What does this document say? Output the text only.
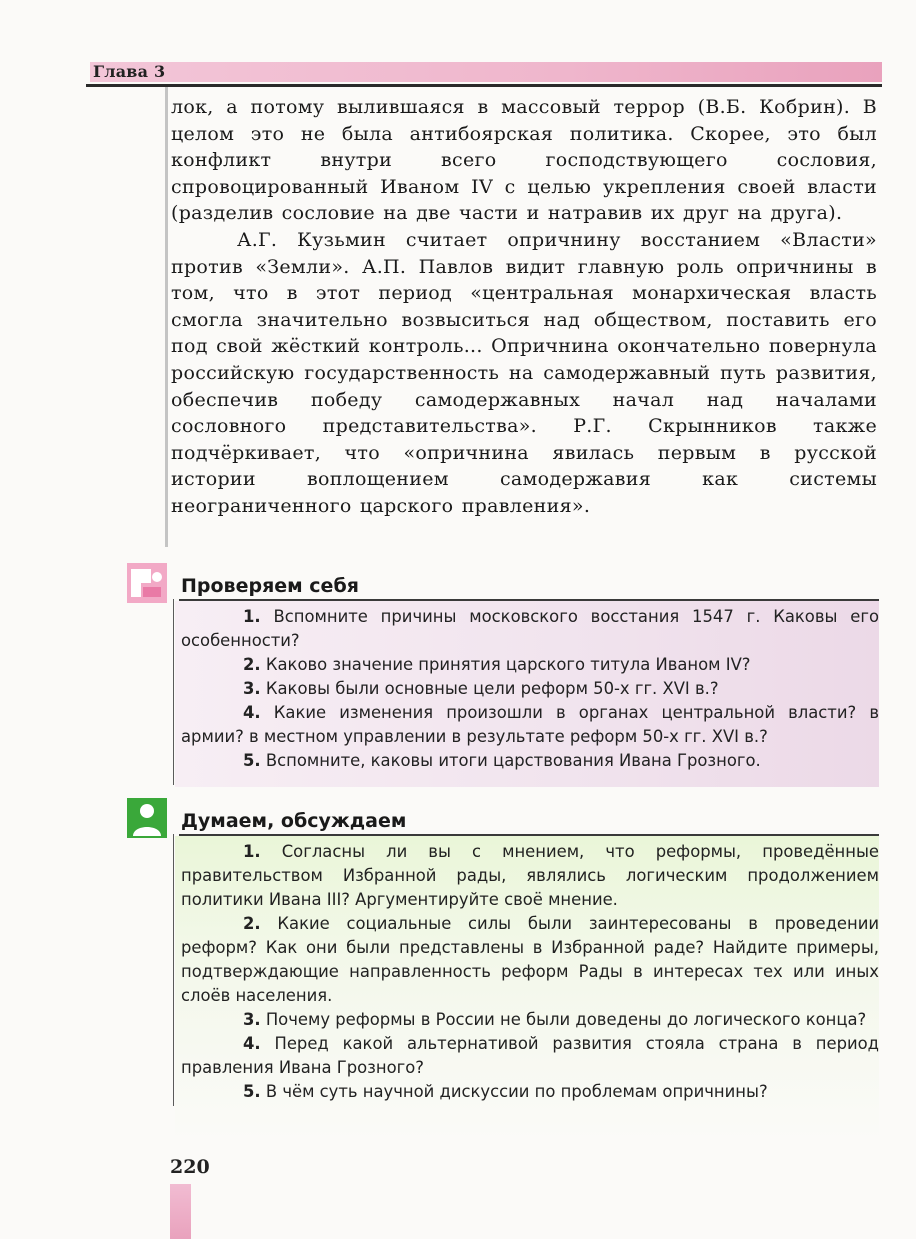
Глава 3

лок, а потому вылившаяся в массовый террор (В.Б. Кобрин). В целом это не была антибоярская политика. Скорее, это был конфликт внутри всего господствующего сословия, спровоцированный Иваном IV с целью укрепления своей власти (разделив сословие на две части и натравив их друг на друга).

А.Г. Кузьмин считает опричнину восстанием «Власти» против «Земли». А.П. Павлов видит главную роль опричнины в том, что в этот период «центральная монархическая власть смогла значительно возвыситься над обществом, поставить его под свой жёсткий контроль... Опричнина окончательно повернула российскую государственность на самодержавный путь развития, обеспечив победу самодержавных начал над началами сословного представительства». Р.Г. Скрынников также подчёркивает, что «опричнина явилась первым в русской истории воплощением самодержавия как системы неограниченного царского правления».

Проверяем себя

1. Вспомните причины московского восстания 1547 г. Каковы его особенности?

2. Каково значение принятия царского титула Иваном IV?

3. Каковы были основные цели реформ 50-х гг. XVI в.?

4. Какие изменения произошли в органах центральной власти? в армии? в местном управлении в результате реформ 50-х гг. XVI в.?

5. Вспомните, каковы итоги царствования Ивана Грозного.

Думаем, обсуждаем

1. Согласны ли вы с мнением, что реформы, проведённые правительством Избранной рады, являлись логическим продолжением политики Ивана III? Аргументируйте своё мнение.

2. Какие социальные силы были заинтересованы в проведении реформ? Как они были представлены в Избранной раде? Найдите примеры, подтверждающие направленность реформ Рады в интересах тех или иных слоёв населения.

3. Почему реформы в России не были доведены до логического конца?

4. Перед какой альтернативой развития стояла страна в период правления Ивана Грозного?

5. В чём суть научной дискуссии по проблемам опричнины?

220
